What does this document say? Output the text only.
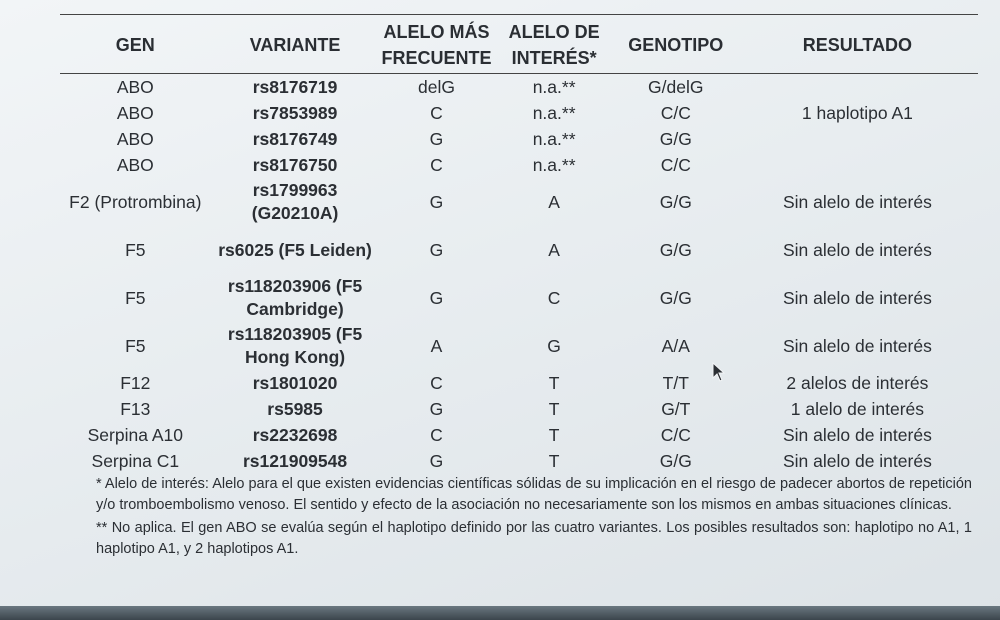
GEN	VARIANTE	ALELO MÁS FRECUENTE	ALELO DE INTERÉS*	GENOTIPO	RESULTADO
ABO	rs8176719	delG	n.a.**	G/delG	
ABO	rs7853989	C	n.a.**	C/C	1 haplotipo A1
ABO	rs8176749	G	n.a.**	G/G	
ABO	rs8176750	C	n.a.**	C/C	
F2 (Protrombina)	rs1799963 (G20210A)	G	A	G/G	Sin alelo de interés
F5	rs6025 (F5 Leiden)	G	A	G/G	Sin alelo de interés
F5	rs118203906 (F5 Cambridge)	G	C	G/G	Sin alelo de interés
F5	rs118203905 (F5 Hong Kong)	A	G	A/A	Sin alelo de interés
F12	rs1801020	C	T	T/T	2 alelos de interés
F13	rs5985	G	T	G/T	1 alelo de interés
Serpina A10	rs2232698	C	T	C/C	Sin alelo de interés
Serpina C1	rs121909548	G	T	G/G	Sin alelo de interés

* Alelo de interés: Alelo para el que existen evidencias científicas sólidas de su implicación en el riesgo de padecer abortos de repetición y/o tromboembolismo venoso. El sentido y efecto de la asociación no necesariamente son los mismos en ambas situaciones clínicas.

** No aplica. El gen ABO se evalúa según el haplotipo definido por las cuatro variantes. Los posibles resultados son: haplotipo no A1, 1 haplotipo A1, y 2 haplotipos A1.
